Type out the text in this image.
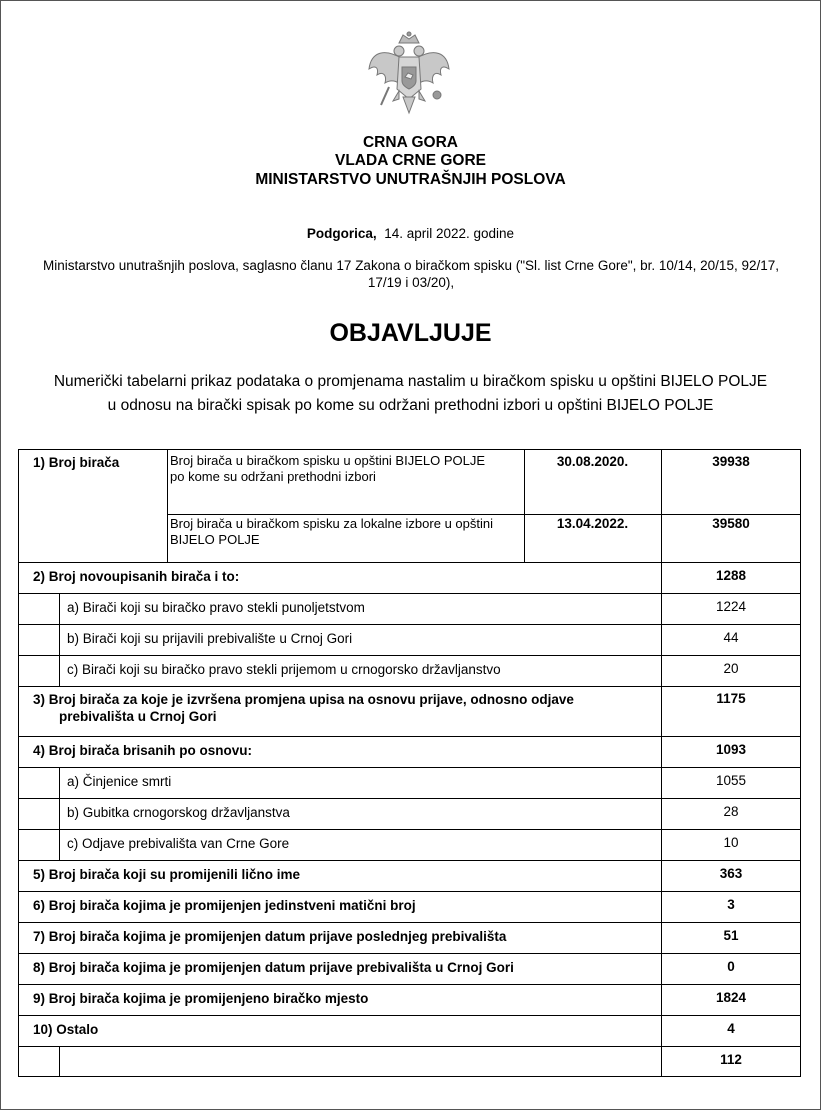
CRNA GORA
VLADA CRNE GORE
MINISTARSTVO UNUTRAŠNJIH POSLOVA
Podgorica, 14. april 2022. godine
Ministarstvo unutrašnjih poslova, saglasno članu 17 Zakona o biračkom spisku ("Sl. list Crne Gore", br. 10/14, 20/15, 92/17,
17/19 i 03/20),
OBJAVLJUJE
Numerički tabelarni prikaz podataka o promjenama nastalim u biračkom spisku u opštini BIJELO POLJE
u odnosu na birački spisak po kome su održani prethodni izbori u opštini BIJELO POLJE
1) Broj birača	Broj birača u biračkom spisku u opštini BIJELO POLJE
po kome su održani prethodni izbori
30.08.2020.	39938
Broj birača u biračkom spisku za lokalne izbore u opštini
BIJELO POLJE
13.04.2022.	39580
2) Broj novoupisanih birača i to:	1288
a) Birači koji su biračko pravo stekli punoljetstvom	1224
b) Birači koji su prijavili prebivalište u Crnoj Gori	44
c) Birači koji su biračko pravo stekli prijemom u crnogorsko državljanstvo	20
3) Broj birača za koje je izvršena promjena upisa na osnovu prijave, odnosno odjave
prebivališta u Crnoj Gori
1175
4) Broj birača brisanih po osnovu:	1093
a) Činjenice smrti	1055
b) Gubitka crnogorskog državljanstva	28
c) Odjave prebivališta van Crne Gore	10
5) Broj birača koji su promijenili lično ime	363
6) Broj birača kojima je promijenjen jedinstveni matični broj	3
7) Broj birača kojima je promijenjen datum prijave poslednjeg prebivališta	51
8) Broj birača kojima je promijenjen datum prijave prebivališta u Crnoj Gori	0
9) Broj birača kojima je promijenjeno biračko mjesto	1824
10) Ostalo	4
112
